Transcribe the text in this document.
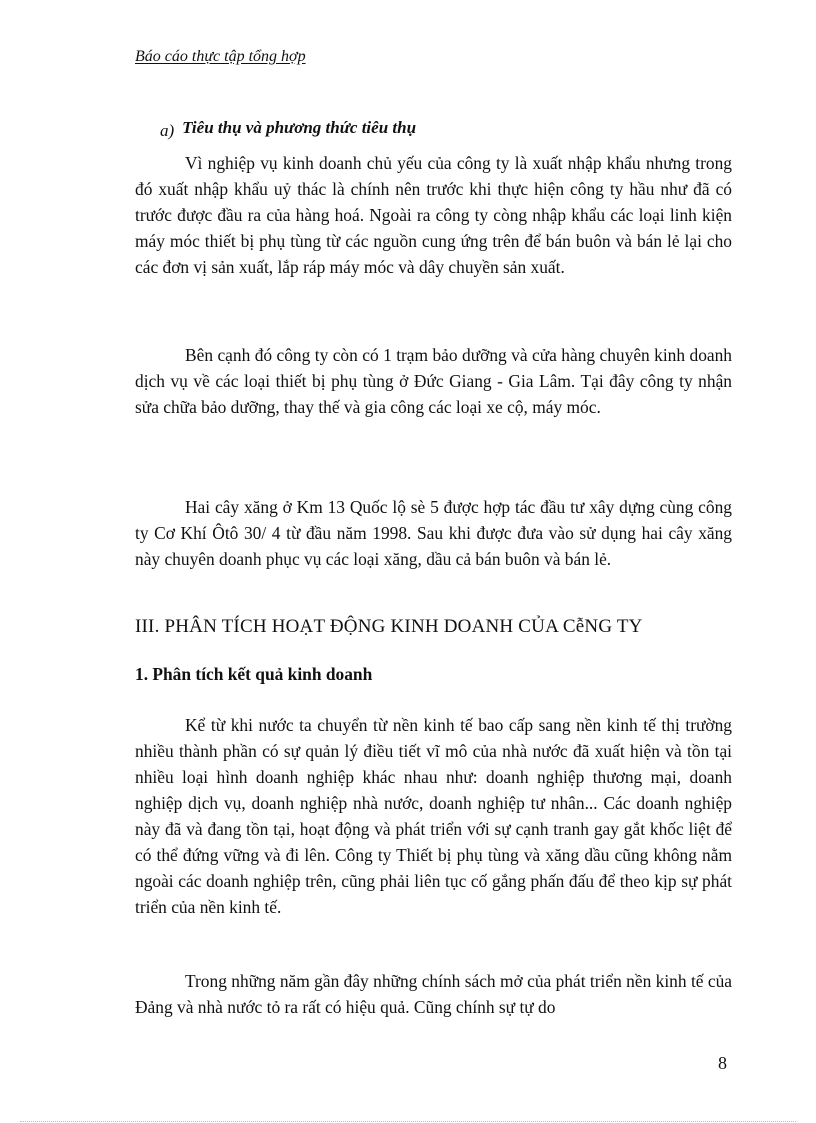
Báo cáo thực tập tổng hợp
a) Tiêu thụ và phương thức tiêu thụ

Vì nghiệp vụ kinh doanh chủ yếu của công ty là xuất nhập khẩu nhưng trong đó xuất nhập khẩu uỷ thác là chính nên trước khi thực hiện công ty hầu như đã có trước được đầu ra của hàng hoá. Ngoài ra công ty còng nhập khẩu các loại linh kiện máy móc thiết bị phụ tùng từ các nguồn cung ứng trên để bán buôn và bán lẻ lại cho các đơn vị sản xuất, lắp ráp máy móc và dây chuyền sản xuất.

Bên cạnh đó công ty còn có 1 trạm bảo dưỡng và cửa hàng chuyên kinh doanh dịch vụ về các loại thiết bị phụ tùng ở Đức Giang - Gia Lâm. Tại đây công ty nhận sửa chữa bảo dưỡng, thay thế và gia công các loại xe cộ, máy móc.

Hai cây xăng ở Km 13 Quốc lộ sè 5 được hợp tác đầu tư xây dựng cùng công ty Cơ Khí Ôtô 30/ 4 từ đầu năm 1998. Sau khi được đưa vào sử dụng hai cây xăng này chuyên doanh phục vụ các loại xăng, dầu cả bán buôn và bán lẻ.

III. PHÂN TÍCH HOẠT ĐỘNG KINH DOANH CỦA CễNG TY
1. Phân tích kết quả kinh doanh

Kể từ khi nước ta chuyển từ nền kinh tế bao cấp sang nền kinh tế thị trường nhiều thành phần có sự quản lý điều tiết vĩ mô của nhà nước đã xuất hiện và tồn tại nhiều loại hình doanh nghiệp khác nhau như: doanh nghiệp thương mại, doanh nghiệp dịch vụ, doanh nghiệp nhà nước, doanh nghiệp tư nhân... Các doanh nghiệp này đã và đang tồn tại, hoạt động và phát triển với sự cạnh tranh gay gắt khốc liệt để có thể đứng vững và đi lên. Công ty Thiết bị phụ tùng và xăng dầu cũng không nằm ngoài các doanh nghiệp trên, cũng phải liên tục cố gắng phấn đấu để theo kịp sự phát triển của nền kinh tế.

Trong những năm gần đây những chính sách mở của phát triển nền kinh tế của Đảng và nhà nước tỏ ra rất có hiệu quả. Cũng chính sự tự do

8
